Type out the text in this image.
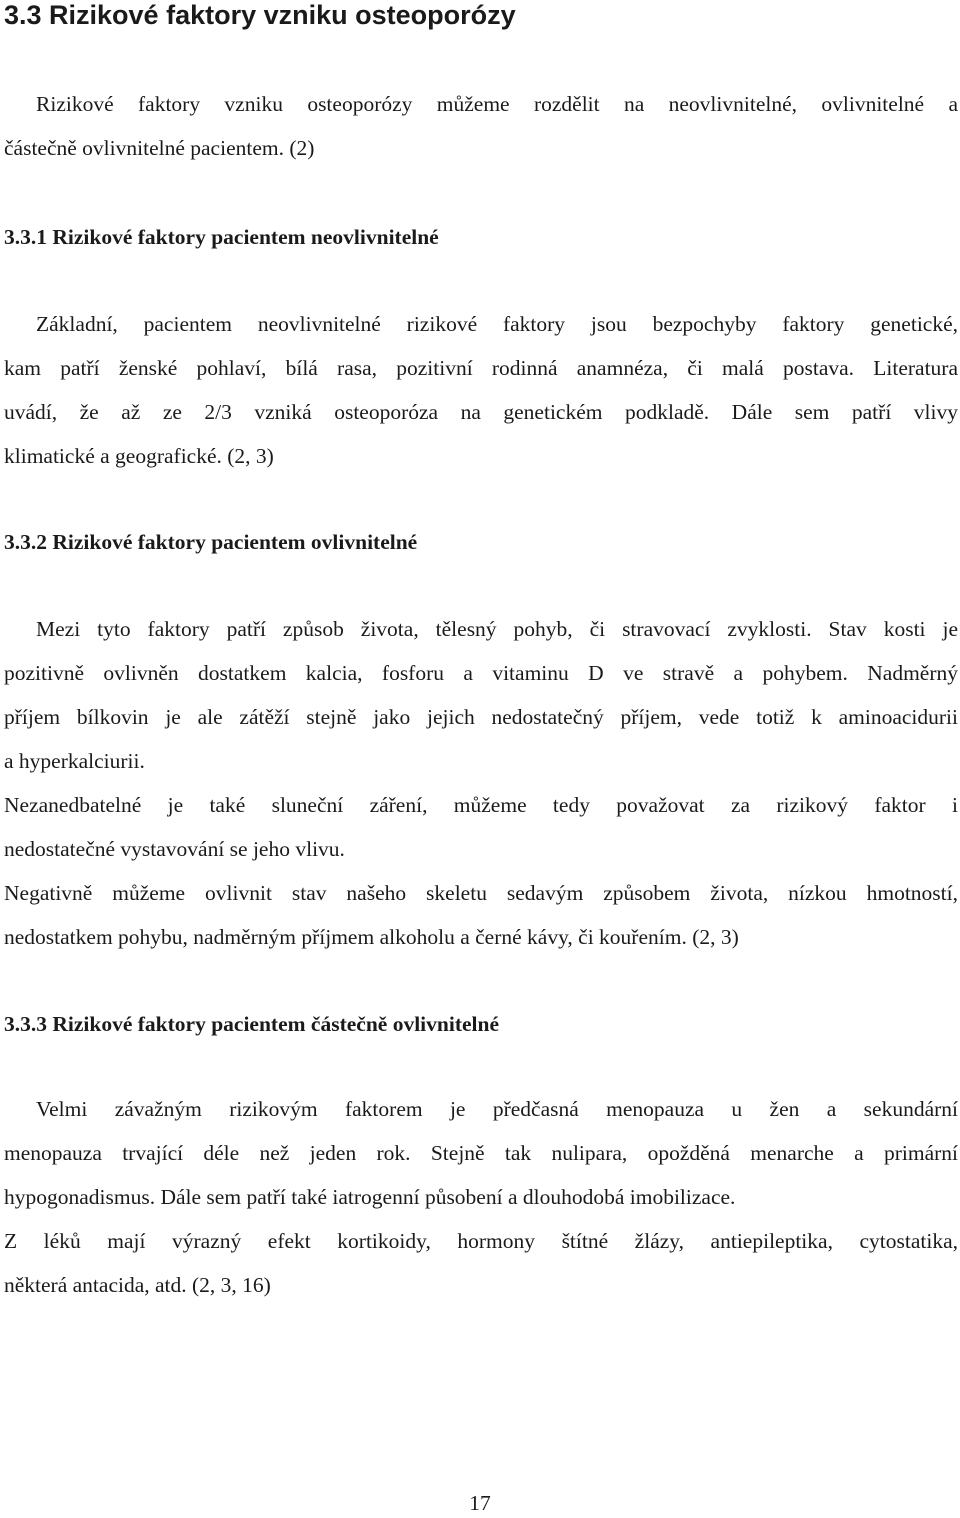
3.3 Rizikové faktory vzniku osteoporózy

Rizikové faktory vzniku osteoporózy můžeme rozdělit na neovlivnitelné, ovlivnitelné a
částečně ovlivnitelné pacientem. (2)

3.3.1 Rizikové faktory pacientem neovlivnitelné

Základní, pacientem neovlivnitelné rizikové faktory jsou bezpochyby faktory genetické,
kam patří ženské pohlaví, bílá rasa, pozitivní rodinná anamnéza, či malá postava. Literatura
uvádí, že až ze 2/3 vzniká osteoporóza na genetickém podkladě. Dále sem patří vlivy
klimatické a geografické. (2, 3)

3.3.2 Rizikové faktory pacientem ovlivnitelné

Mezi tyto faktory patří způsob života, tělesný pohyb, či stravovací zvyklosti. Stav kosti je
pozitivně ovlivněn dostatkem kalcia, fosforu a vitaminu D ve stravě a pohybem. Nadměrný
příjem bílkovin je ale zátěží stejně jako jejich nedostatečný příjem, vede totiž k aminoacidurii
a hyperkalciurii.

Nezanedbatelné je také sluneční záření, můžeme tedy považovat za rizikový faktor i
nedostatečné vystavování se jeho vlivu.

Negativně můžeme ovlivnit stav našeho skeletu sedavým způsobem života, nízkou hmotností,
nedostatkem pohybu, nadměrným příjmem alkoholu a černé kávy, či kouřením. (2, 3)

3.3.3 Rizikové faktory pacientem částečně ovlivnitelné

Velmi závažným rizikovým faktorem je předčasná menopauza u žen a sekundární
menopauza trvající déle než jeden rok. Stejně tak nulipara, opožděná menarche a primární
hypogonadismus. Dále sem patří také iatrogenní působení a dlouhodobá imobilizace.

Z léků mají výrazný efekt kortikoidy, hormony štítné žlázy, antiepileptika, cytostatika,
některá antacida, atd. (2, 3, 16)

17
